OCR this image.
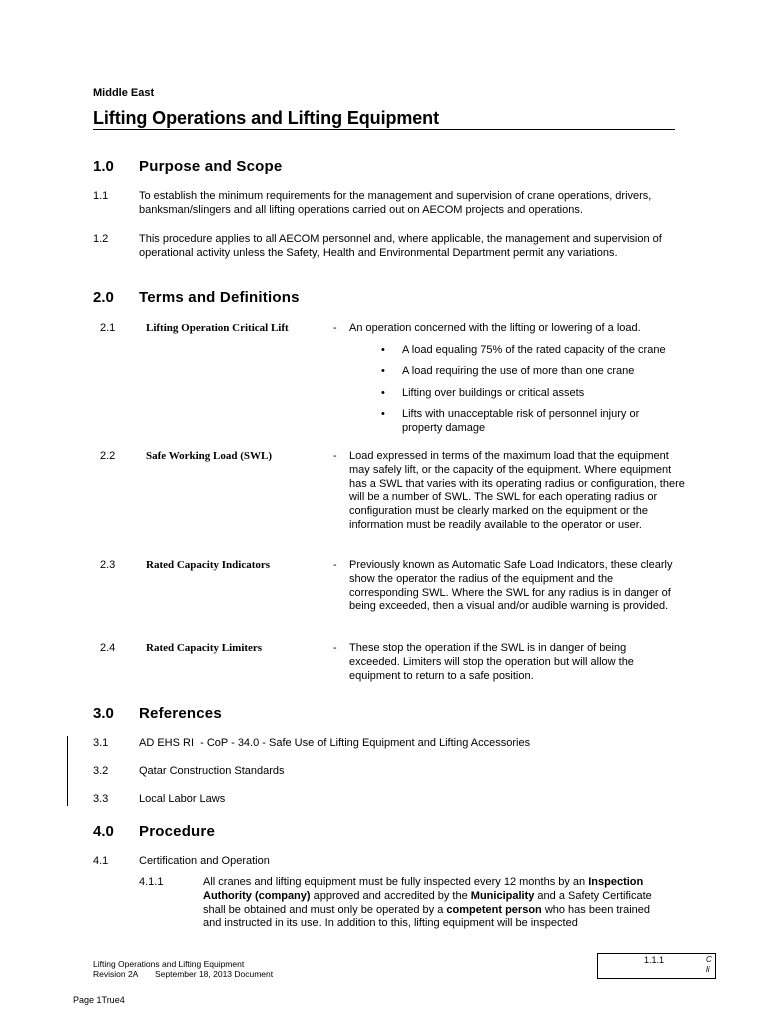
Middle East
Lifting Operations and Lifting Equipment
1.0 Purpose and Scope
1.1	To establish the minimum requirements for the management and supervision of crane operations, drivers, banksman/slingers and all lifting operations carried out on AECOM projects and operations.
1.2	This procedure applies to all AECOM personnel and, where applicable, the management and supervision of operational activity unless the Safety, Health and Environmental Department permit any variations.
2.0 Terms and Definitions
2.1	Lifting Operation Critical Lift	- An operation concerned with the lifting or lowering of a load.
• A load equaling 75% of the rated capacity of the crane
• A load requiring the use of more than one crane
• Lifting over buildings or critical assets
• Lifts with unacceptable risk of personnel injury or property damage
2.2	Safe Working Load (SWL)	- Load expressed in terms of the maximum load that the equipment may safely lift, or the capacity of the equipment. Where equipment has a SWL that varies with its operating radius or configuration, there will be a number of SWL. The SWL for each operating radius or configuration must be clearly marked on the equipment or the information must be readily available to the operator or user.
2.3	Rated Capacity Indicators	- Previously known as Automatic Safe Load Indicators, these clearly show the operator the radius of the equipment and the corresponding SWL. Where the SWL for any radius is in danger of being exceeded, then a visual and/or audible warning is provided.
2.4	Rated Capacity Limiters	- These stop the operation if the SWL is in danger of being exceeded. Limiters will stop the operation but will allow the equipment to return to a safe position.
3.0 References
3.1	AD EHS RI  - CoP - 34.0 - Safe Use of Lifting Equipment and Lifting Accessories
3.2	Qatar Construction Standards
3.3	Local Labor Laws
4.0 Procedure
4.1	Certification and Operation
4.1.1	All cranes and lifting equipment must be fully inspected every 12 months by an Inspection Authority (company) approved and accredited by the Municipality and a Safety Certificate shall be obtained and must only be operated by a competent person who has been trained and instructed in its use. In addition to this, lifting equipment will be inspected
Lifting Operations and Lifting Equipment
Revision 2A September 18, 2013 Document
1.1.1	C
li
Page 1True4
